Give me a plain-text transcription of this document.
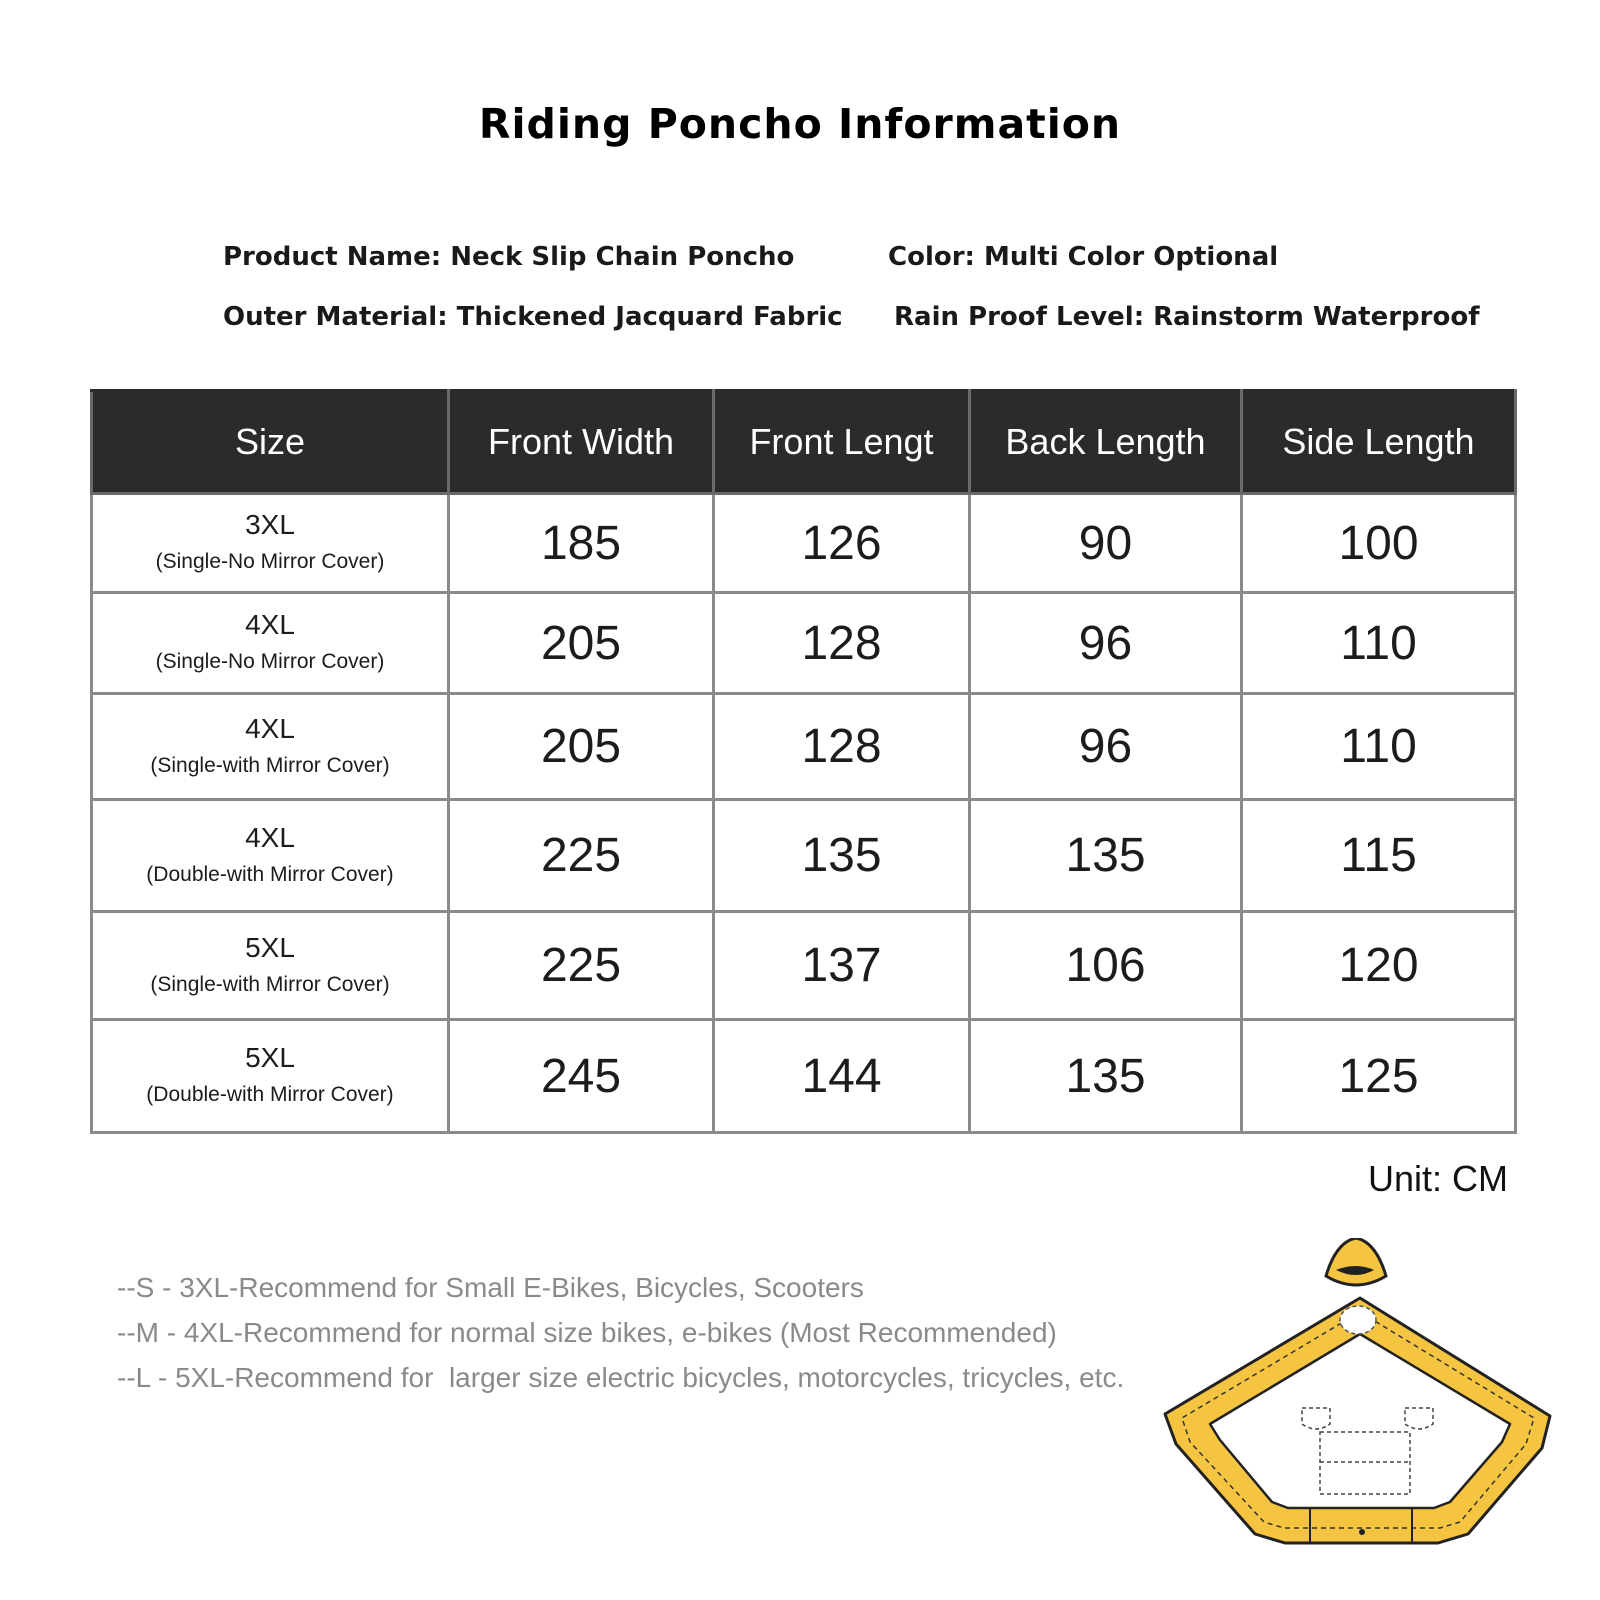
Riding Poncho Information
Product Name: Neck Slip Chain Poncho	Color: Multi Color Optional
Outer Material: Thickened Jacquard Fabric Rain Proof Level: Rainstorm Waterproof
Size	Front Width	Front Lengt	Back Length	Side Length

3XL
(Single-No Mirror Cover)	185	126	90	100

4XL
(Single-No Mirror Cover)	205	128	96	110

4XL
(Single-with Mirror Cover)	205	128	96	110

4XL
(Double-with Mirror Cover)	225	135	135	115

5XL
(Single-with Mirror Cover)	225	137	106	120

5XL
(Double-with Mirror Cover)	245	144	135	125
Unit: CM
--S - 3XL-Recommend for Small E-Bikes, Bicycles, Scooters
--M - 4XL-Recommend for normal size bikes, e-bikes (Most Recommended)
--L - 5XL-Recommend for  larger size electric bicycles, motorcycles, tricycles, etc.
